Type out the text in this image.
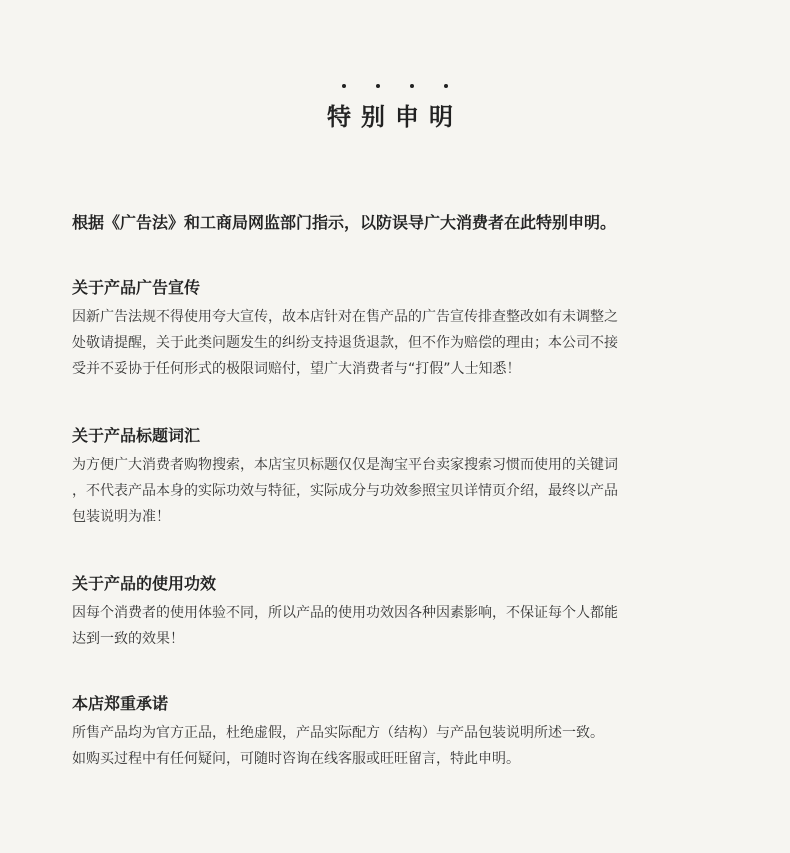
特别申明
根据《广告法》和工商局网监部门指示，以防误导广大消费者在此特别申明。
关于产品广告宣传
因新广告法规不得使用夸大宣传，故本店针对在售产品的广告宣传排查整改如有未调整之
处敬请提醒，关于此类问题发生的纠纷支持退货退款，但不作为赔偿的理由；本公司不接
受并不妥协于任何形式的极限词赔付，望广大消费者与“打假”人士知悉！
关于产品标题词汇
为方便广大消费者购物搜索，本店宝贝标题仅仅是淘宝平台卖家搜索习惯而使用的关键词
，不代表产品本身的实际功效与特征，实际成分与功效参照宝贝详情页介绍，最终以产品
包装说明为准！
关于产品的使用功效
因每个消费者的使用体验不同，所以产品的使用功效因各种因素影响，不保证每个人都能
达到一致的效果！
本店郑重承诺
所售产品均为官方正品，杜绝虚假，产品实际配方（结构）与产品包装说明所述一致。
如购买过程中有任何疑问，可随时咨询在线客服或旺旺留言，特此申明。
